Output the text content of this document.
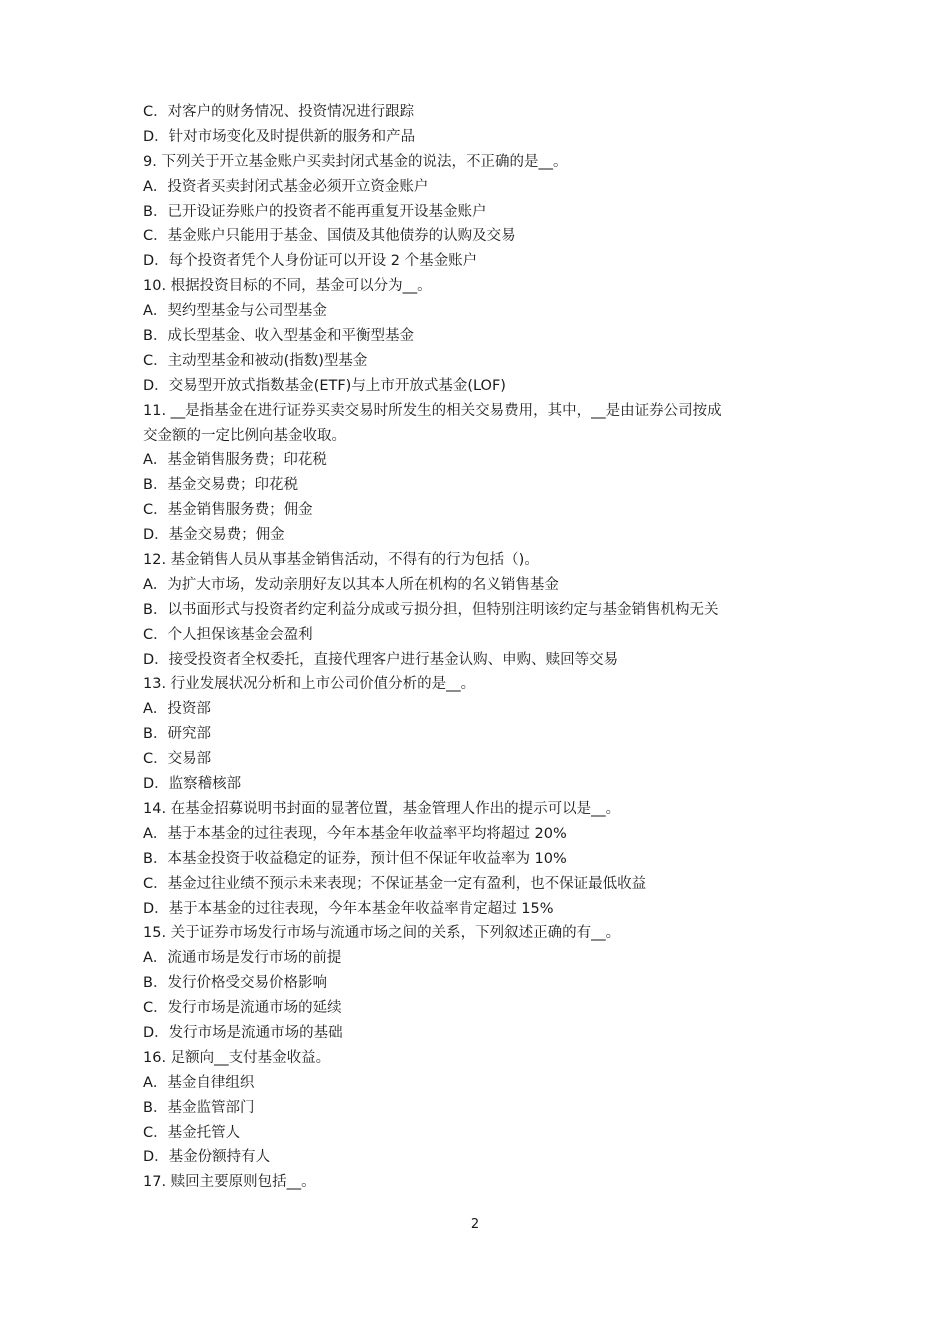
C．对客户的财务情况、投资情况进行跟踪
D．针对市场变化及时提供新的服务和产品
9. 下列关于开立基金账户买卖封闭式基金的说法，不正确的是__。
A．投资者买卖封闭式基金必须开立资金账户
B．已开设证券账户的投资者不能再重复开设基金账户
C．基金账户只能用于基金、国债及其他债券的认购及交易
D．每个投资者凭个人身份证可以开设 2 个基金账户
10. 根据投资目标的不同，基金可以分为__。
A．契约型基金与公司型基金
B．成长型基金、收入型基金和平衡型基金
C．主动型基金和被动(指数)型基金
D．交易型开放式指数基金(ETF)与上市开放式基金(LOF)
11. __是指基金在进行证券买卖交易时所发生的相关交易费用，其中，__是由证券公司按成
交金额的一定比例向基金收取。
A．基金销售服务费；印花税
B．基金交易费；印花税
C．基金销售服务费；佣金
D．基金交易费；佣金
12. 基金销售人员从事基金销售活动，不得有的行为包括（)。
A．为扩大市场，发动亲朋好友以其本人所在机构的名义销售基金
B．以书面形式与投资者约定利益分成或亏损分担，但特别注明该约定与基金销售机构无关
C．个人担保该基金会盈利
D．接受投资者全权委托，直接代理客户进行基金认购、申购、赎回等交易
13. 行业发展状况分析和上市公司价值分析的是__。
A．投资部
B．研究部
C．交易部
D．监察稽核部
14. 在基金招募说明书封面的显著位置，基金管理人作出的提示可以是__。
A．基于本基金的过往表现，今年本基金年收益率平均将超过 20%
B．本基金投资于收益稳定的证券，预计但不保证年收益率为 10%
C．基金过往业绩不预示未来表现；不保证基金一定有盈利，也不保证最低收益
D．基于本基金的过往表现，今年本基金年收益率肯定超过 15%
15. 关于证券市场发行市场与流通市场之间的关系，下列叙述正确的有__。
A．流通市场是发行市场的前提
B．发行价格受交易价格影响
C．发行市场是流通市场的延续
D．发行市场是流通市场的基础
16. 足额向__支付基金收益。
A．基金自律组织
B．基金监管部门
C．基金托管人
D．基金份额持有人
17. 赎回主要原则包括__。
2
